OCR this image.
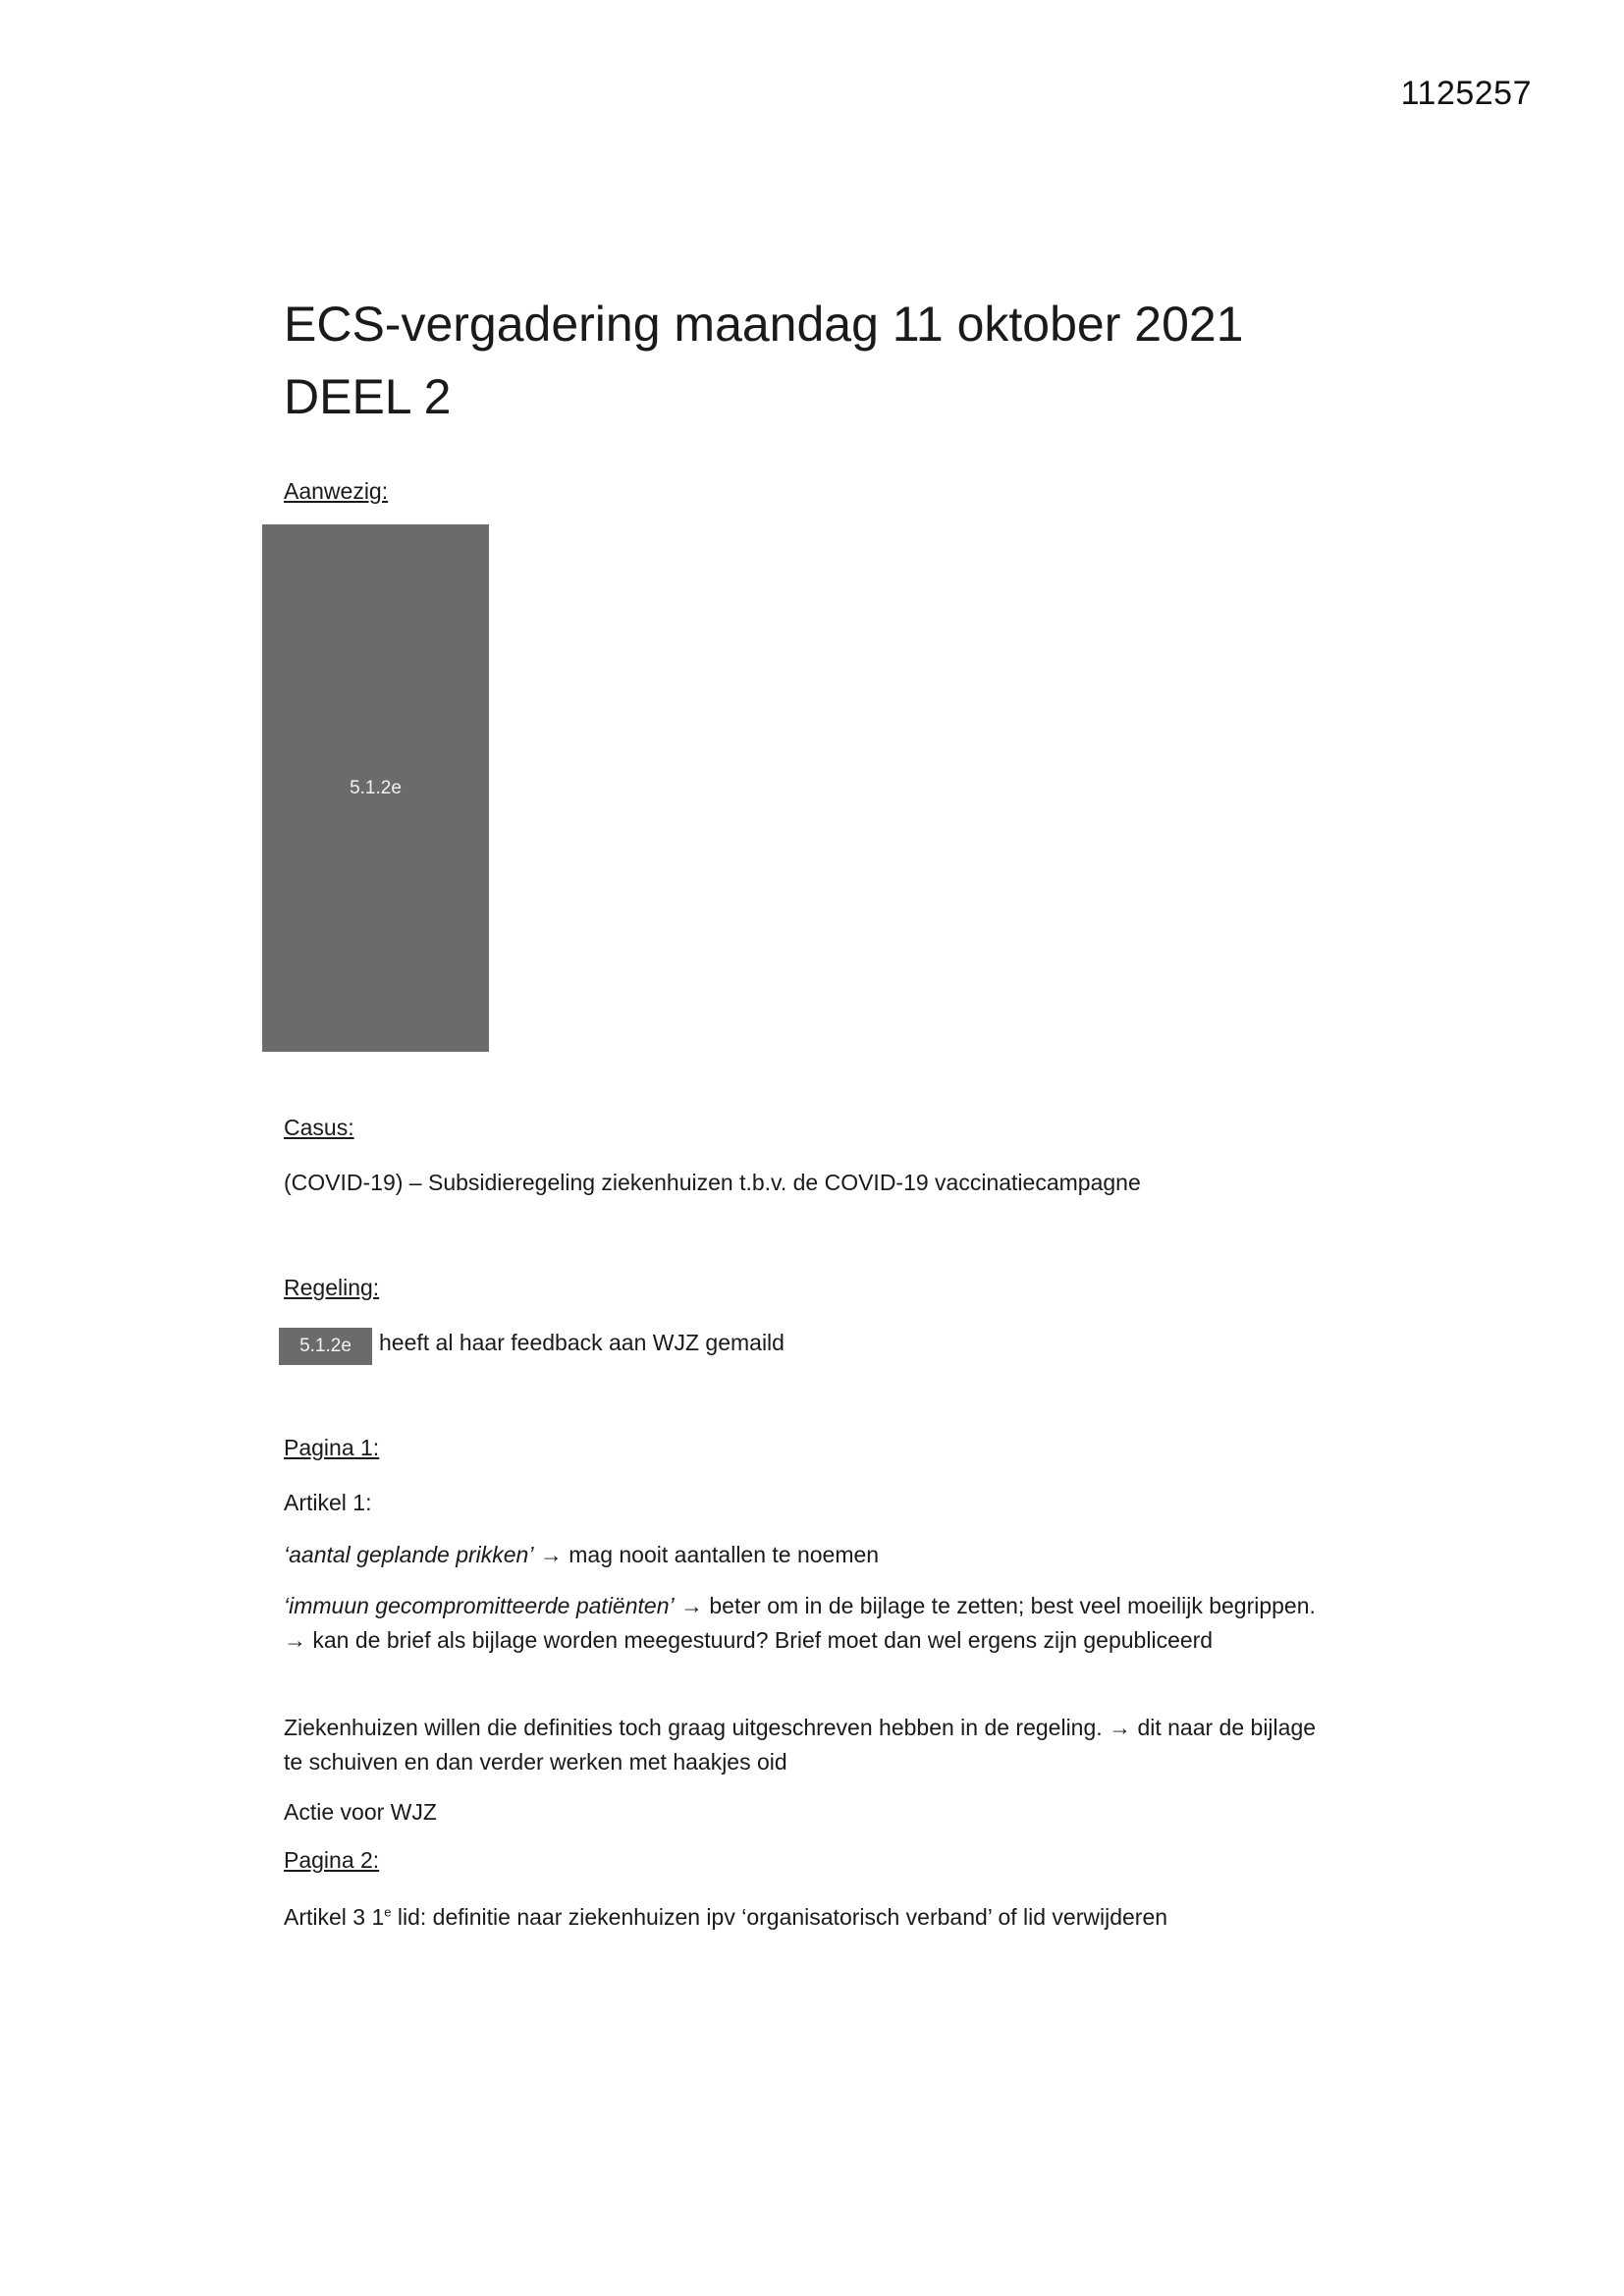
1125257
ECS-vergadering maandag 11 oktober 2021
DEEL 2

Aanwezig:

5.1.2e

Casus:

(COVID-19) – Subsidieregeling ziekenhuizen t.b.v. de COVID-19 vaccinatiecampagne

Regeling:

5.1.2e heeft al haar feedback aan WJZ gemaild

Pagina 1:

Artikel 1:

‘aantal geplande prikken’ → mag nooit aantallen te noemen

‘immuun gecompromitteerde patiënten’ → beter om in de bijlage te zetten; best veel moeilijk begrippen. → kan de brief als bijlage worden meegestuurd? Brief moet dan wel ergens zijn gepubliceerd

Ziekenhuizen willen die definities toch graag uitgeschreven hebben in de regeling. → dit naar de bijlage te schuiven en dan verder werken met haakjes oid

Actie voor WJZ

Pagina 2:

Artikel 3 1e lid: definitie naar ziekenhuizen ipv ‘organisatorisch verband’ of lid verwijderen
